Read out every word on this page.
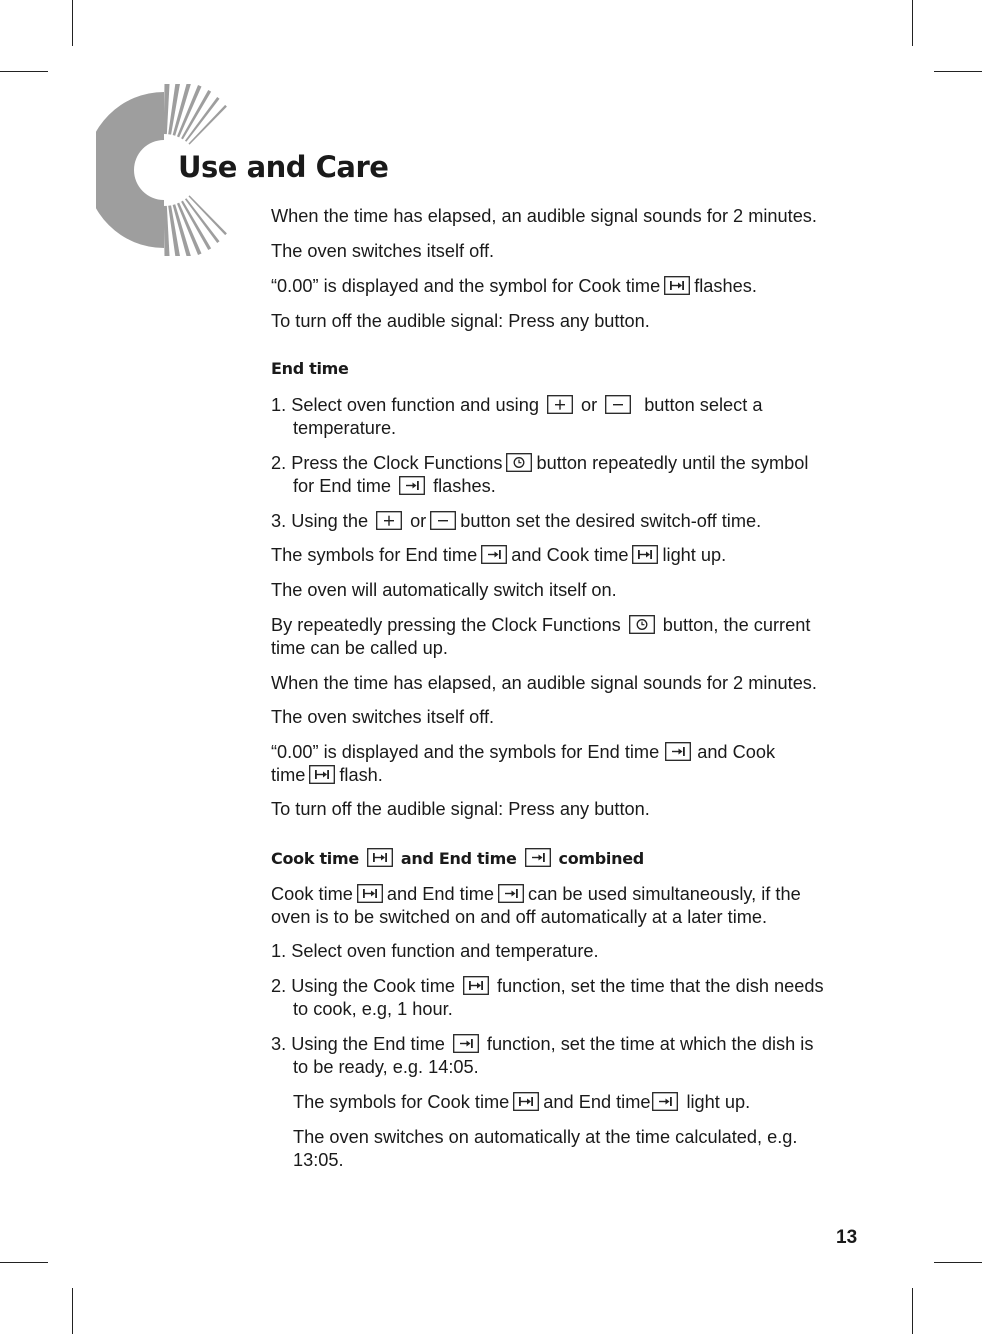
Use and Care
When the time has elapsed, an audible signal sounds for 2 minutes.
The oven switches itself off.
“0.00” is displayed and the symbol for Cook time flashes.
To turn off the audible signal: Press any button.
End time
1. Select oven function and using or	button select a
temperature.
2. Press the Clock Functions button repeatedly until the symbol
for End time flashes.
3. Using the or button set the desired switch-off time.
The symbols for End time and Cook time light up.
The oven will automatically switch itself on.
By repeatedly pressing the Clock Functions button, the current
time can be called up.
When the time has elapsed, an audible signal sounds for 2 minutes.
The oven switches itself off.
“0.00” is displayed and the symbols for End time and Cook
time flash.
To turn off the audible signal: Press any button.
Cook time	and End time	combined
Cook time and End time can be used simultaneously, if the
oven is to be switched on and off automatically at a later time.
1. Select oven function and temperature.
2. Using the Cook time function, set the time that the dish needs
to cook, e.g, 1 hour.
3. Using the End time function, set the time at which the dish is
to be ready, e.g. 14:05.
The symbols for Cook time and End time light up.
The oven switches on automatically at the time calculated, e.g.
13:05.
13
